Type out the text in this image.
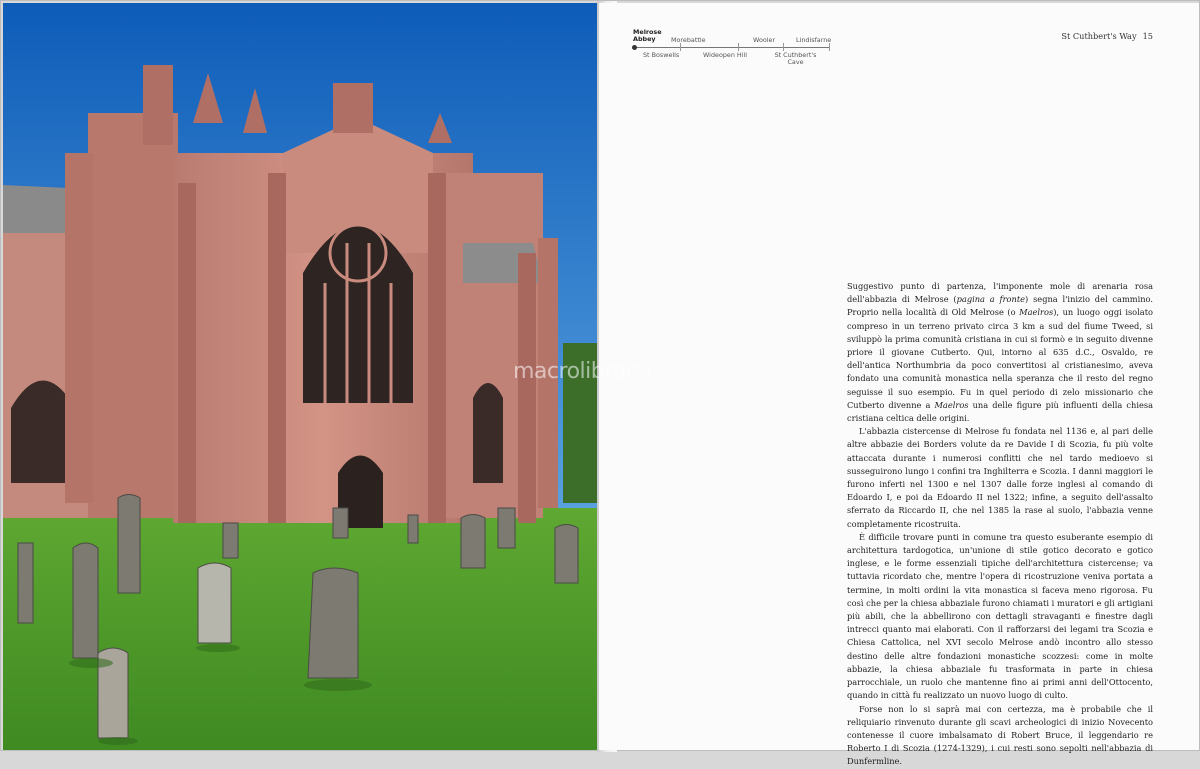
Melrose Abbey Morebattle	Wooler	Lindisfarne
St Boswells	Wideopen Hill	St Cuthbert's Cave
St Cuthbert's Way 15

Suggestivo punto di partenza, l'imponente mole di arenaria rosa dell'abbazia di Melrose (pagina a fronte) segna l'inizio del cammino. Proprio nella località di Old Melrose (o Maelros), un luogo oggi isolato compreso in un terreno privato circa 3 km a sud del fiume Tweed, si sviluppò la prima comunità cristiana in cui si formò e in seguito divenne priore il giovane Cutberto. Qui, intorno al 635 d.C., Osvaldo, re dell'antica Northumbria da poco convertitosi al cristianesimo, aveva fondato una comunità monastica nella speranza che il resto del regno seguisse il suo esempio. Fu in quel periodo di zelo missionario che Cutberto divenne a Maelros una delle figure più influenti della chiesa cristiana celtica delle origini.

L'abbazia cistercense di Melrose fu fondata nel 1136 e, al pari delle altre abbazie dei Borders volute da re Davide I di Scozia, fu più volte attaccata durante i numerosi conflitti che nel tardo medioevo si susseguirono lungo i confini tra Inghilterra e Scozia. I danni maggiori le furono inferti nel 1300 e nel 1307 dalle forze inglesi al comando di Edoardo I, e poi da Edoardo II nel 1322; infine, a seguito dell'assalto sferrato da Riccardo II, che nel 1385 la rase al suolo, l'abbazia venne completamente ricostruita.

È difficile trovare punti in comune tra questo esuberante esempio di architettura tardogotica, un'unione di stile gotico decorato e gotico inglese, e le forme essenziali tipiche dell'architettura cistercense; va tuttavia ricordato che, mentre l'opera di ricostruzione veniva portata a termine, in molti ordini la vita monastica si faceva meno rigorosa. Fu così che per la chiesa abbaziale furono chiamati i muratori e gli artigiani più abili, che la abbellirono con dettagli stravaganti e finestre dagli intrecci quanto mai elaborati. Con il rafforzarsi dei legami tra Scozia e Chiesa Cattolica, nel XVI secolo Melrose andò incontro allo stesso destino delle altre fondazioni monastiche scozzesi: come in molte abbazie, la chiesa abbaziale fu trasformata in parte in chiesa parrocchiale, un ruolo che mantenne fino ai primi anni dell'Ottocento, quando in città fu realizzato un nuovo luogo di culto.

Forse non lo si saprà mai con certezza, ma è probabile che il reliquiario rinvenuto durante gli scavi archeologici di inizio Novecento contenesse il cuore imbalsamato di Robert Bruce, il leggendario re Roberto I di Scozia (1274-1329), i cui resti sono sepolti nell'abbazia di Dunfermline.

macrolibrarsi
